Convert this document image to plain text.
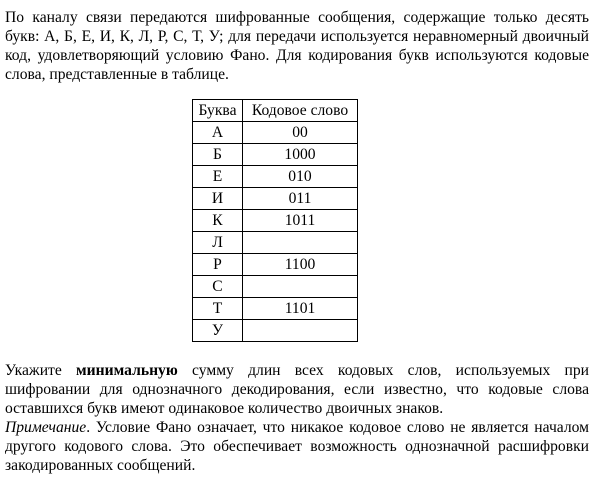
По каналу связи передаются шифрованные сообщения, содержащие только десять букв: А, Б, Е, И, К, Л, Р, С, Т, У; для передачи используется неравномерный двоичный код, удовлетворяющий условию Фано. Для кодирования букв используются кодовые слова, представленные в таблице.

Буква	Кодовое слово
А	00
Б	1000
Е	010
И	011
К	1011
Л	
Р	1100
С	
Т	1101
У	

Укажите минимальную сумму длин всех кодовых слов, используемых при шифровании для однозначного декодирования, если известно, что кодовые слова оставшихся букв имеют одинаковое количество двоичных знаков.

Примечание. Условие Фано означает, что никакое кодовое слово не является началом другого кодового слова. Это обеспечивает возможность однозначной расшифровки закодированных сообщений.
